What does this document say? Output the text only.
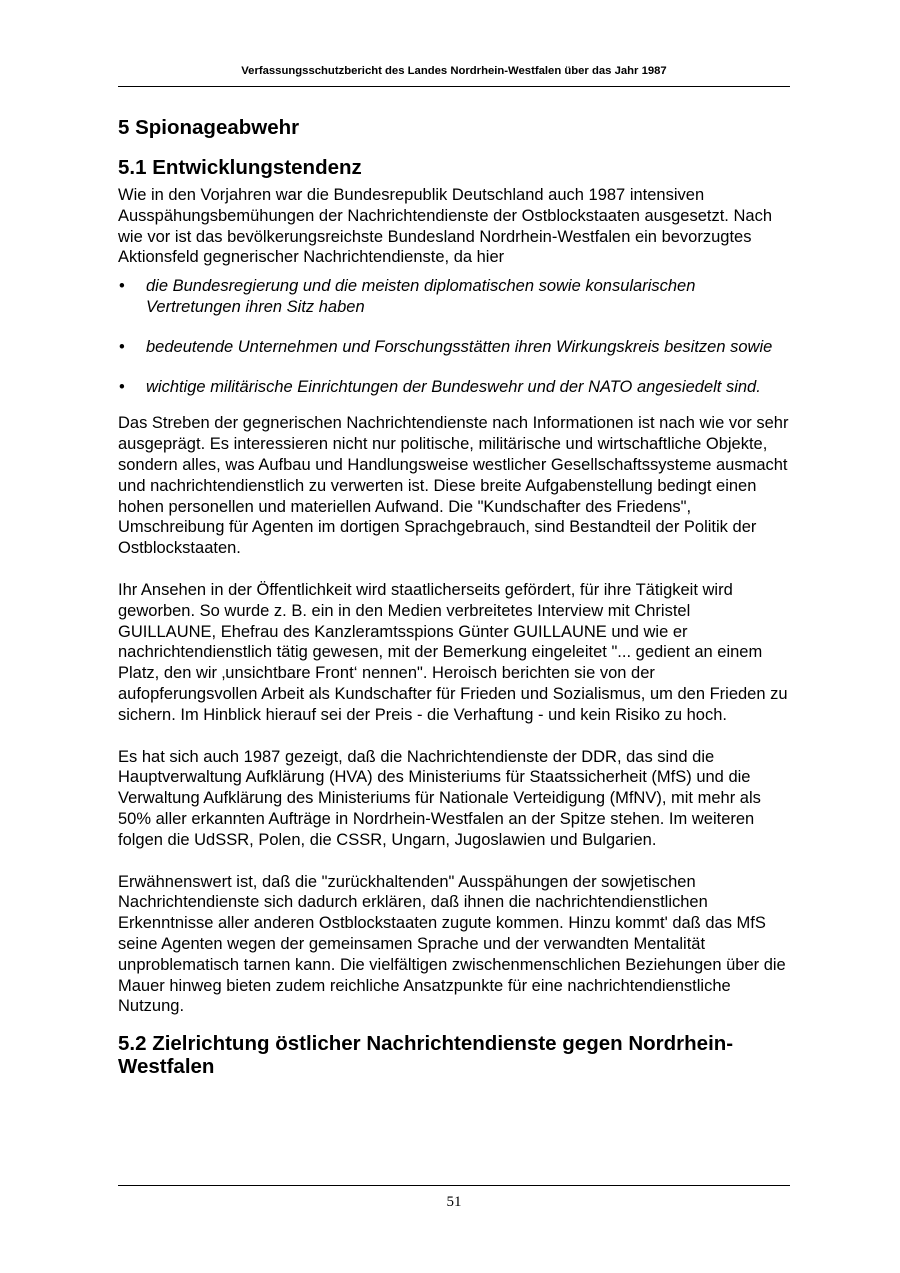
Verfassungsschutzbericht des Landes Nordrhein-Westfalen über das Jahr 1987
5 Spionageabwehr
5.1 Entwicklungstendenz

Wie in den Vorjahren war die Bundesrepublik Deutschland auch 1987 intensiven Ausspähungsbemühungen der Nachrichtendienste der Ostblockstaaten ausgesetzt. Nach wie vor ist das bevölkerungsreichste Bundesland Nordrhein-Westfalen ein bevorzugtes Aktionsfeld gegnerischer Nachrichtendienste, da hier

• die Bundesregierung und die meisten diplomatischen sowie konsularischen Vertretungen ihren Sitz haben
• bedeutende Unternehmen und Forschungsstätten ihren Wirkungskreis besitzen sowie
• wichtige militärische Einrichtungen der Bundeswehr und der NATO angesiedelt sind.

Das Streben der gegnerischen Nachrichtendienste nach Informationen ist nach wie vor sehr ausgeprägt. Es interessieren nicht nur politische, militärische und wirtschaftliche Objekte, sondern alles, was Aufbau und Handlungsweise westlicher Gesellschaftssysteme ausmacht und nachrichtendienstlich zu verwerten ist. Diese breite Aufgabenstellung bedingt einen hohen personellen und materiellen Aufwand. Die "Kundschafter des Friedens", Umschreibung für Agenten im dortigen Sprachgebrauch, sind Bestandteil der Politik der Ostblockstaaten.

Ihr Ansehen in der Öffentlichkeit wird staatlicherseits gefördert, für ihre Tätigkeit wird geworben. So wurde z. B. ein in den Medien verbreitetes Interview mit Christel GUILLAUNE, Ehefrau des Kanzleramtsspions Günter GUILLAUNE und wie er nachrichtendienstlich tätig gewesen, mit der Bemerkung eingeleitet "... gedient an einem Platz, den wir ‚unsichtbare Front‘ nennen". Heroisch berichten sie von der aufopferungsvollen Arbeit als Kundschafter für Frieden und Sozialismus, um den Frieden zu sichern. Im Hinblick hierauf sei der Preis - die Verhaftung - und kein Risiko zu hoch.

Es hat sich auch 1987 gezeigt, daß die Nachrichtendienste der DDR, das sind die Hauptverwaltung Aufklärung (HVA) des Ministeriums für Staatssicherheit (MfS) und die Verwaltung Aufklärung des Ministeriums für Nationale Verteidigung (MfNV), mit mehr als 50% aller erkannten Aufträge in Nordrhein-Westfalen an der Spitze stehen. Im weiteren folgen die UdSSR, Polen, die CSSR, Ungarn, Jugoslawien und Bulgarien.

Erwähnenswert ist, daß die "zurückhaltenden" Ausspähungen der sowjetischen Nachrichtendienste sich dadurch erklären, daß ihnen die nachrichtendienstlichen Erkenntnisse aller anderen Ostblockstaaten zugute kommen. Hinzu kommt' daß das MfS seine Agenten wegen der gemeinsamen Sprache und der verwandten Mentalität unproblematisch tarnen kann. Die vielfältigen zwischenmenschlichen Beziehungen über die Mauer hinweg bieten zudem reichliche Ansatzpunkte für eine nachrichtendienstliche Nutzung.

5.2 Zielrichtung östlicher Nachrichtendienste gegen Nordrhein-Westfalen
51
